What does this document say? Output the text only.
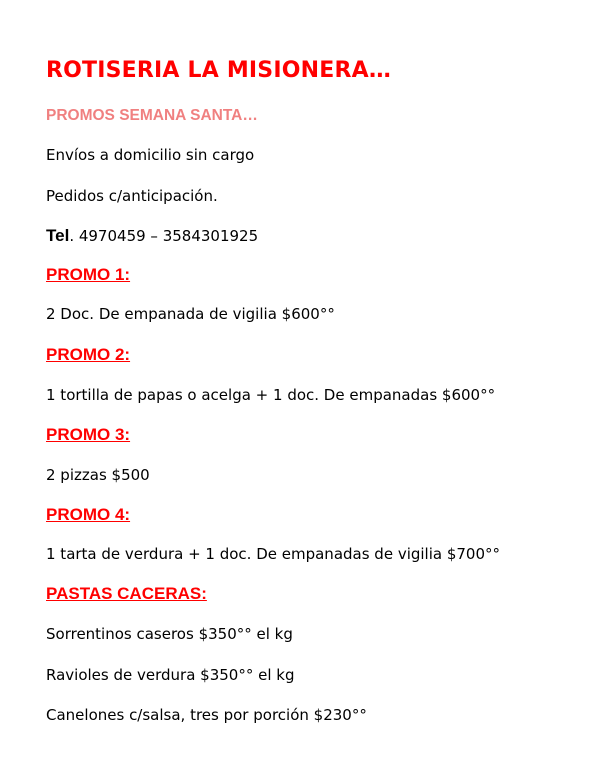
ROTISERIA LA MISIONERA…
PROMOS SEMANA SANTA…
Envíos a domicilio sin cargo
Pedidos c/anticipación.
Tel. 4970459 – 3584301925
PROMO 1:
2 Doc. De empanada de vigilia $600°°
PROMO 2:
1 tortilla de papas o acelga + 1 doc. De empanadas $600°°
PROMO 3:
2 pizzas $500
PROMO 4:
1 tarta de verdura + 1 doc. De empanadas de vigilia $700°°
PASTAS CACERAS:
Sorrentinos caseros $350°° el kg
Ravioles de verdura $350°° el kg
Canelones c/salsa, tres por porción $230°°
